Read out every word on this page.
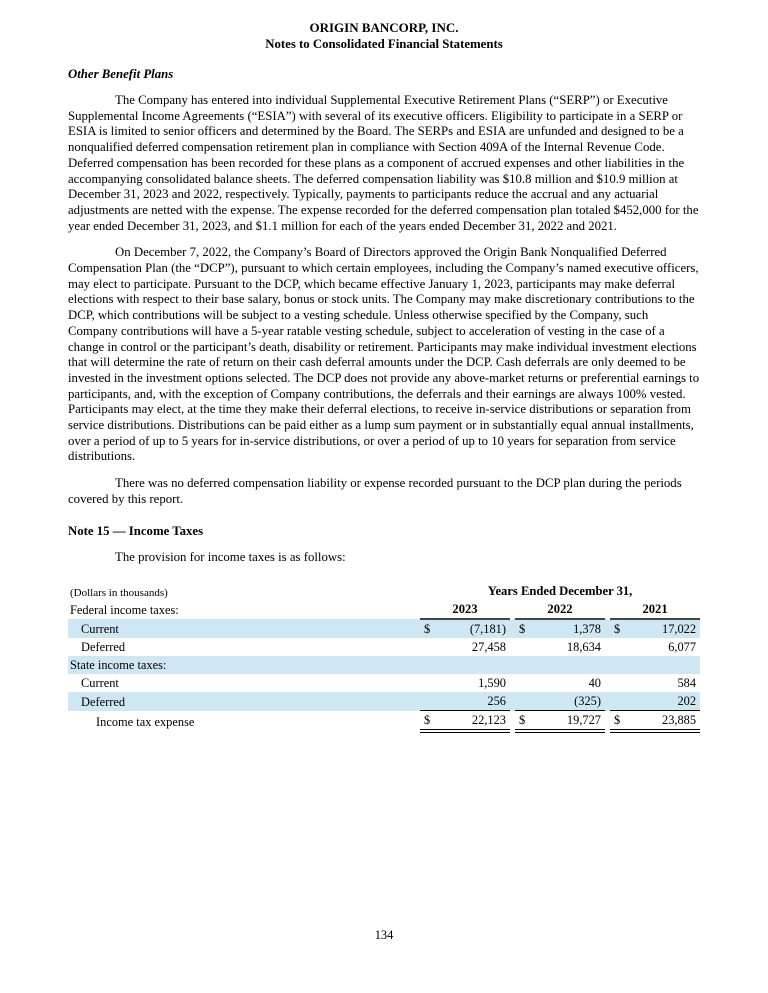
ORIGIN BANCORP, INC.
Notes to Consolidated Financial Statements
Other Benefit Plans

The Company has entered into individual Supplemental Executive Retirement Plans (“SERP”) or Executive Supplemental Income Agreements (“ESIA”) with several of its executive officers. Eligibility to participate in a SERP or ESIA is limited to senior officers and determined by the Board. The SERPs and ESIA are unfunded and designed to be a nonqualified deferred compensation retirement plan in compliance with Section 409A of the Internal Revenue Code. Deferred compensation has been recorded for these plans as a component of accrued expenses and other liabilities in the accompanying consolidated balance sheets. The deferred compensation liability was $10.8 million and $10.9 million at December 31, 2023 and 2022, respectively. Typically, payments to participants reduce the accrual and any actuarial adjustments are netted with the expense. The expense recorded for the deferred compensation plan totaled $452,000 for the year ended December 31, 2023, and $1.1 million for each of the years ended December 31, 2022 and 2021.

On December 7, 2022, the Company’s Board of Directors approved the Origin Bank Nonqualified Deferred Compensation Plan (the “DCP”), pursuant to which certain employees, including the Company’s named executive officers, may elect to participate. Pursuant to the DCP, which became effective January 1, 2023, participants may make deferral elections with respect to their base salary, bonus or stock units. The Company may make discretionary contributions to the DCP, which contributions will be subject to a vesting schedule. Unless otherwise specified by the Company, such Company contributions will have a 5-year ratable vesting schedule, subject to acceleration of vesting in the case of a change in control or the participant’s death, disability or retirement. Participants may make individual investment elections that will determine the rate of return on their cash deferral amounts under the DCP. Cash deferrals are only deemed to be invested in the investment options selected. The DCP does not provide any above-market returns or preferential earnings to participants, and, with the exception of Company contributions, the deferrals and their earnings are always 100% vested. Participants may elect, at the time they make their deferral elections, to receive in-service distributions or separation from service distributions. Distributions can be paid either as a lump sum payment or in substantially equal annual installments, over a period of up to 5 years for in-service distributions, or over a period of up to 10 years for separation from service distributions.

There was no deferred compensation liability or expense recorded pursuant to the DCP plan during the periods covered by this report.

Note 15 — Income Taxes

The provision for income taxes is as follows:

(Dollars in thousands)	Years Ended December 31,							
Federal income taxes:	2023			2022			2021	
Current	$	(7,181)		$	1,378		$	17,022
Deferred		27,458			18,634			6,077
State income taxes:								
Current		1,590			40			584
Deferred		256			(325)			202
Income tax expense	$	22,123		$	19,727		$	23,885
134
